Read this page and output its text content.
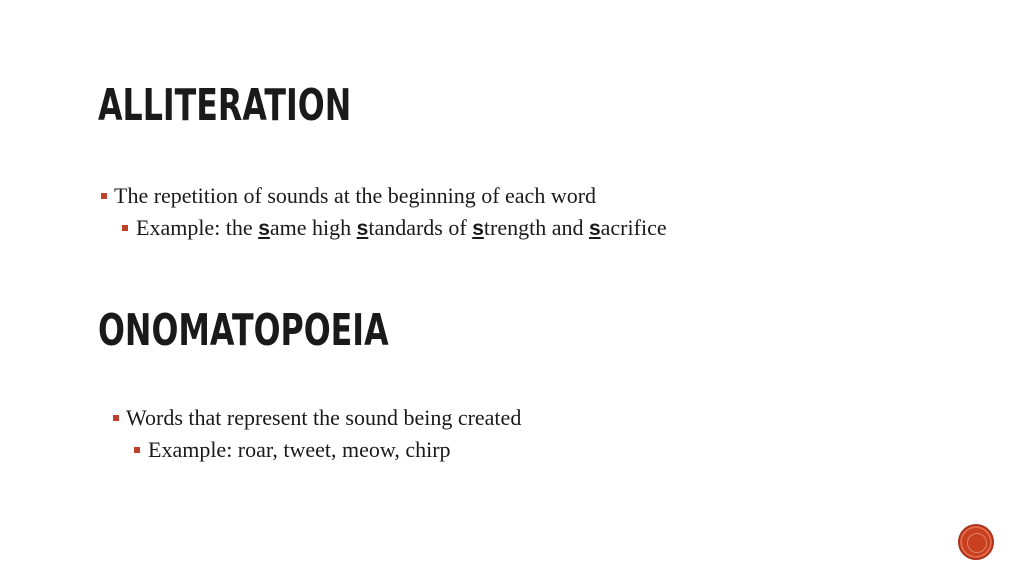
ALLITERATION
The repetition of sounds at the beginning of each word
Example: the same high standards of strength and sacrifice
ONOMATOPOEIA
Words that represent the sound being created
Example: roar, tweet, meow, chirp
